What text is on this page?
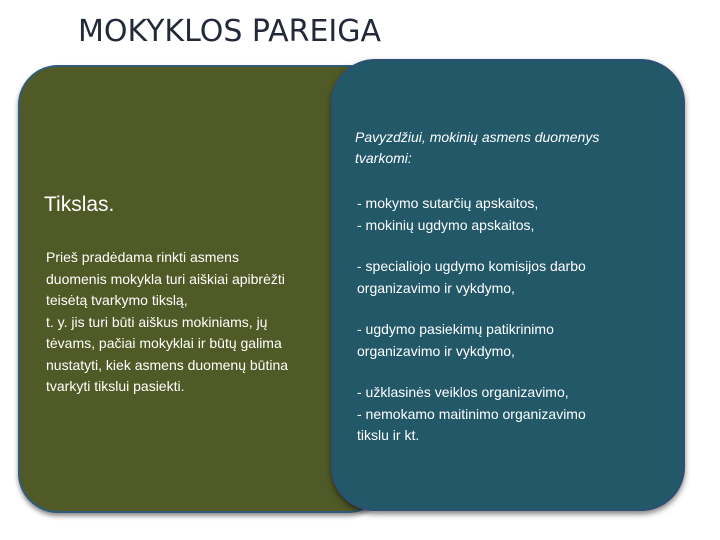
MOKYKLOS PAREIGA
Tikslas.
Prieš pradėdama rinkti asmens
duomenis mokykla turi aiškiai apibrėžti
teisėtą tvarkymo tikslą,
t. y. jis turi būti aiškus mokiniams, jų
tėvams, pačiai mokyklai ir būtų galima
nustatyti, kiek asmens duomenų būtina
tvarkyti tikslui pasiekti.
Pavyzdžiui, mokinių asmens duomenys
tvarkomi:
- mokymo sutarčių apskaitos,
- mokinių ugdymo apskaitos,
- specialiojo ugdymo komisijos darbo
organizavimo ir vykdymo,
- ugdymo pasiekimų patikrinimo
organizavimo ir vykdymo,
- užklasinės veiklos organizavimo,
- nemokamo maitinimo organizavimo
tikslu ir kt.
